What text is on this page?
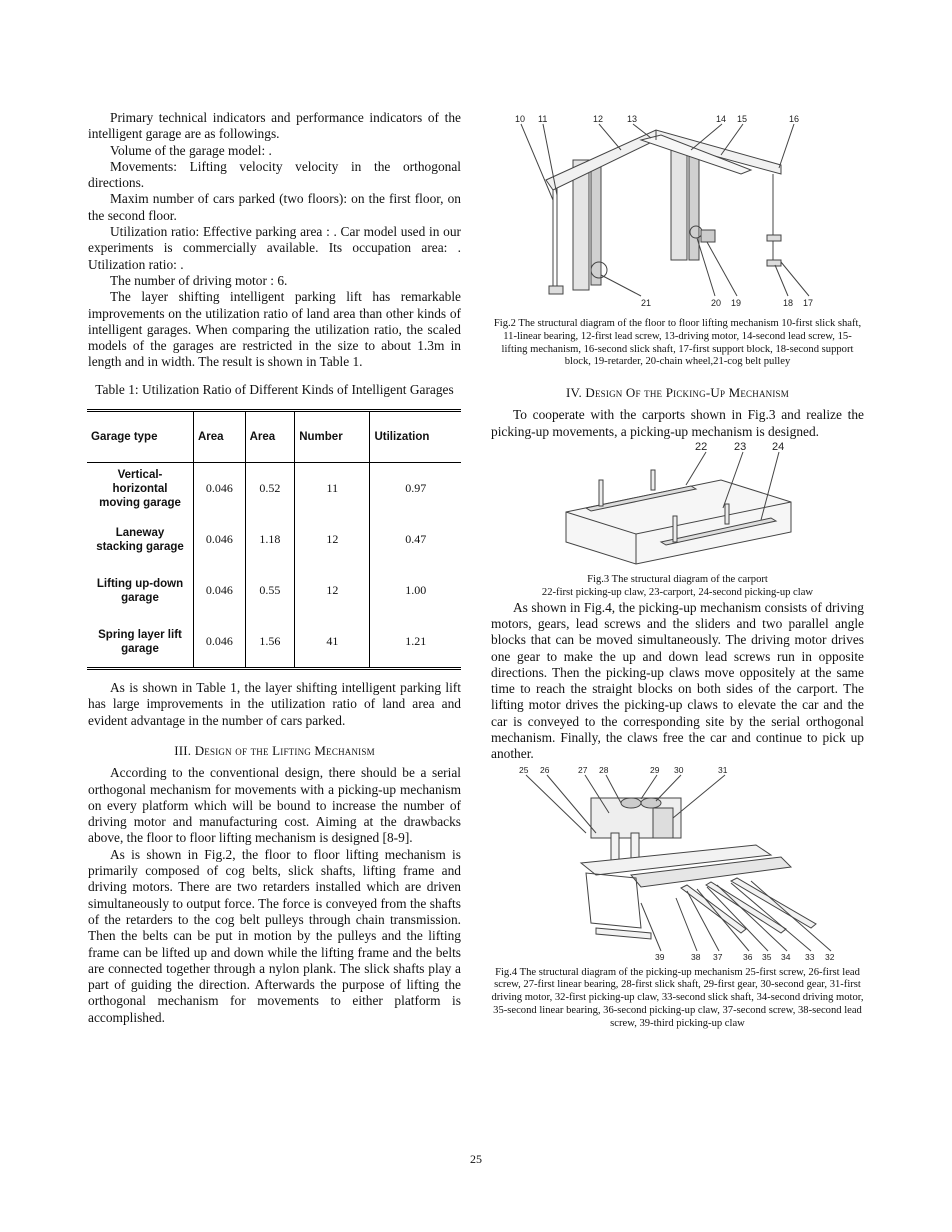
Primary technical indicators and performance indicators of the intelligent garage are as followings.

Volume of the garage model: .

Movements: Lifting velocity velocity in the orthogonal directions.

Maxim number of cars parked (two floors): on the first floor, on the second floor.

Utilization ratio: Effective parking area : . Car model used in our experiments is commercially available. Its occupation area: . Utilization ratio: .

The number of driving motor : 6.

The layer shifting intelligent parking lift has remarkable improvements on the utilization ratio of land area than other kinds of intelligent garages. When comparing the utilization ratio, the scaled models of the garages are restricted in the size to about 1.3m in length and in width. The result is shown in Table 1.

Table 1: Utilization Ratio of Different Kinds of Intelligent Garages

Garage type	Area	Area	Number	Utilization
Vertical-horizontal moving garage	0.046	0.52	11	0.97
Laneway stacking garage	0.046	1.18	12	0.47
Lifting up-down garage	0.046	0.55	12	1.00
Spring layer lift garage	0.046	1.56	41	1.21

As is shown in Table 1, the layer shifting intelligent parking lift has large improvements in the utilization ratio of land area and evident advantage in the number of cars parked.

III. Design of the Lifting Mechanism

According to the conventional design, there should be a serial orthogonal mechanism for movements with a picking-up mechanism on every platform which will be bound to increase the number of driving motor and manufacturing cost. Aiming at the drawbacks above, the floor to floor lifting mechanism is designed [8-9].

As is shown in Fig.2, the floor to floor lifting mechanism is primarily composed of cog belts, slick shafts, lifting frame and driving motors. There are two retarders installed which are driven simultaneously to output force. The force is conveyed from the shafts of the retarders to the cog belt pulleys through chain transmission. Then the belts can be put in motion by the pulleys and the lifting frame can be lifted up and down while the lifting frame and the belts are connected together through a nylon plank. The slick shafts play a part of guiding the direction. Afterwards the purpose of lifting the orthogonal mechanism for movements to either platform is accomplished.

10 11	12	13	14 15	16
21	20 19	18 17

Fig.2 The structural diagram of the floor to floor lifting mechanism 10-first slick shaft, 11-linear bearing, 12-first lead screw, 13-driving motor, 14-second lead screw, 15-lifting mechanism, 16-second slick shaft, 17-first support block, 18-second support block, 19-retarder, 20-chain wheel,21-cog belt pulley

IV. Design Of the Picking-Up Mechanism

To cooperate with the carports shown in Fig.3 and realize the picking-up movements, a picking-up mechanism is designed.

22 23 24

Fig.3 The structural diagram of the carport

22-first picking-up claw, 23-carport, 24-second picking-up claw

As shown in Fig.4, the picking-up mechanism consists of driving motors, gears, lead screws and the sliders and two parallel angle blocks that can be moved simultaneously. The driving motor drives one gear to make the up and down lead screws run in opposite directions. Then the picking-up claws move oppositely at the same time to reach the straight blocks on both sides of the carport. The lifting motor drives the picking-up claws to elevate the car and the car is conveyed to the corresponding site by the serial orthogonal mechanism. Finally, the claws free the car and continue to pick up another.

25 26	27 28	29 30	31
39	38 37 36 35 34 33 32

Fig.4 The structural diagram of the picking-up mechanism 25-first screw, 26-first lead screw, 27-first linear bearing, 28-first slick shaft, 29-first gear, 30-second gear, 31-first driving motor, 32-first picking-up claw, 33-second slick shaft, 34-second driving motor, 35-second linear bearing, 36-second picking-up claw, 37-second screw, 38-second lead screw, 39-third picking-up claw

25
